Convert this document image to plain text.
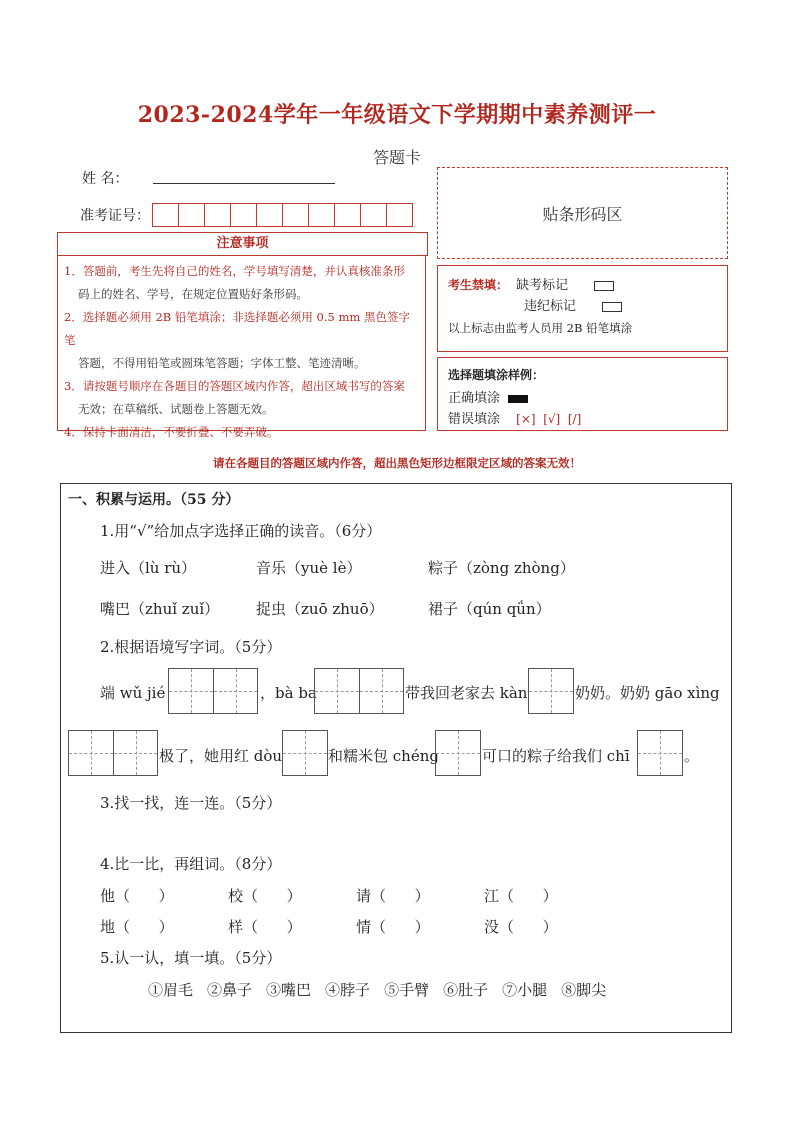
2023-2024学年一年级语文下学期期中素养测评一
答题卡
姓 名：
准考证号：
注意事项

1．答题前，考生先将自己的姓名，学号填写清楚，并认真核准条形

码上的姓名、学号，在规定位置贴好条形码。

2．选择题必须用 2B 铅笔填涂；非选择题必须用 0.5 mm 黑色签字笔

答题，不得用铅笔或圆珠笔答题；字体工整、笔迹清晰。

3．请按题号顺序在各题目的答题区域内作答，超出区域书写的答案

无效；在草稿纸、试题卷上答题无效。

4．保持卡面清洁，不要折叠、不要弄破。

贴条形码区
考生禁填： 缺考标记
违纪标记
以上标志由监考人员用 2B 铅笔填涂
选择题填涂样例：
正确填涂
错误填涂 [×]  [√]  [/]
请在各题目的答题区域内作答，超出黑色矩形边框限定区域的答案无效！
一、积累与运用。（55 分）
1.用“√”给加点字选择正确的读音。（6分）
进入（lù rù）	音乐（yuè lè）	粽子（zòng zhòng）
嘴巴（zhuǐ zuǐ） 捉虫（zuō zhuō）	裙子（qún qǘn）
2.根据语境写字词。（5分）
端 wǔ jié	，bà ba	带我回老家去 kàn	奶奶。奶奶 gāo xìng
极了，她用红 dòu	和糯米包 chéng	可口的粽子给我们 chī	。
3.找一找，连一连。（5分）
4.比一比，再组词。（8分）
他（      ）	校（      ）	请（      ）	江（      ）
地（      ）	样（      ）	情（      ）	没（      ）
5.认一认，填一填。（5分）
①眉毛 ②鼻子 ③嘴巴 ④脖子 ⑤手臂 ⑥肚子 ⑦小腿 ⑧脚尖
